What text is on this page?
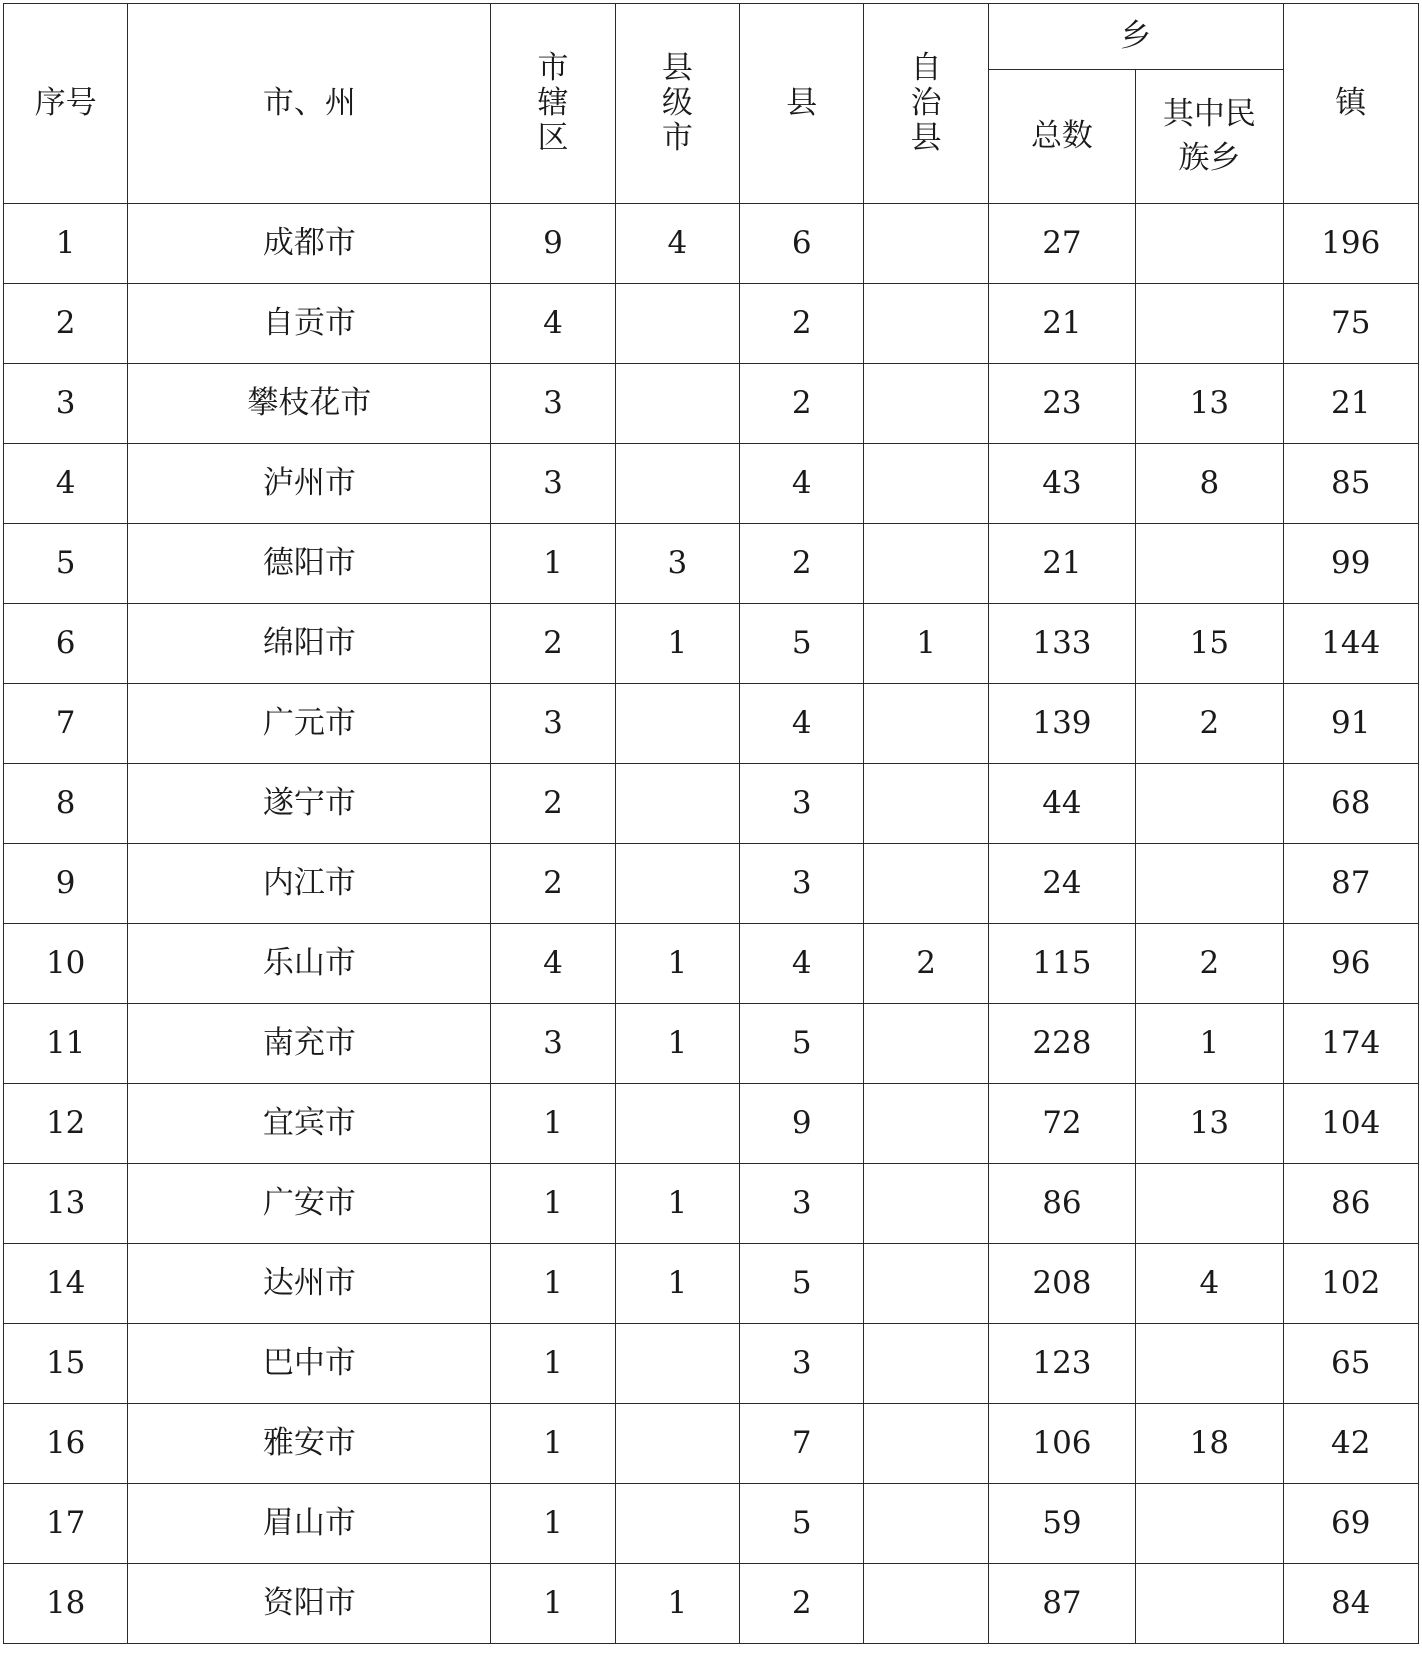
序号	市、州	市辖区	县级市	县	自治县	乡		镇
						总数	其中民族乡	
1	成都市	9	4	6		27		196
2	自贡市	4		2		21		75
3	攀枝花市	3		2		23	13	21
4	泸州市	3		4		43	8	85
5	德阳市	1	3	2		21		99
6	绵阳市	2	1	5	1	133	15	144
7	广元市	3		4		139	2	91
8	遂宁市	2		3		44		68
9	内江市	2		3		24		87
10	乐山市	4	1	4	2	115	2	96
11	南充市	3	1	5		228	1	174
12	宜宾市	1		9		72	13	104
13	广安市	1	1	3		86		86
14	达州市	1	1	5		208	4	102
15	巴中市	1		3		123		65
16	雅安市	1		7		106	18	42
17	眉山市	1		5		59		69
18	资阳市	1	1	2		87		84
